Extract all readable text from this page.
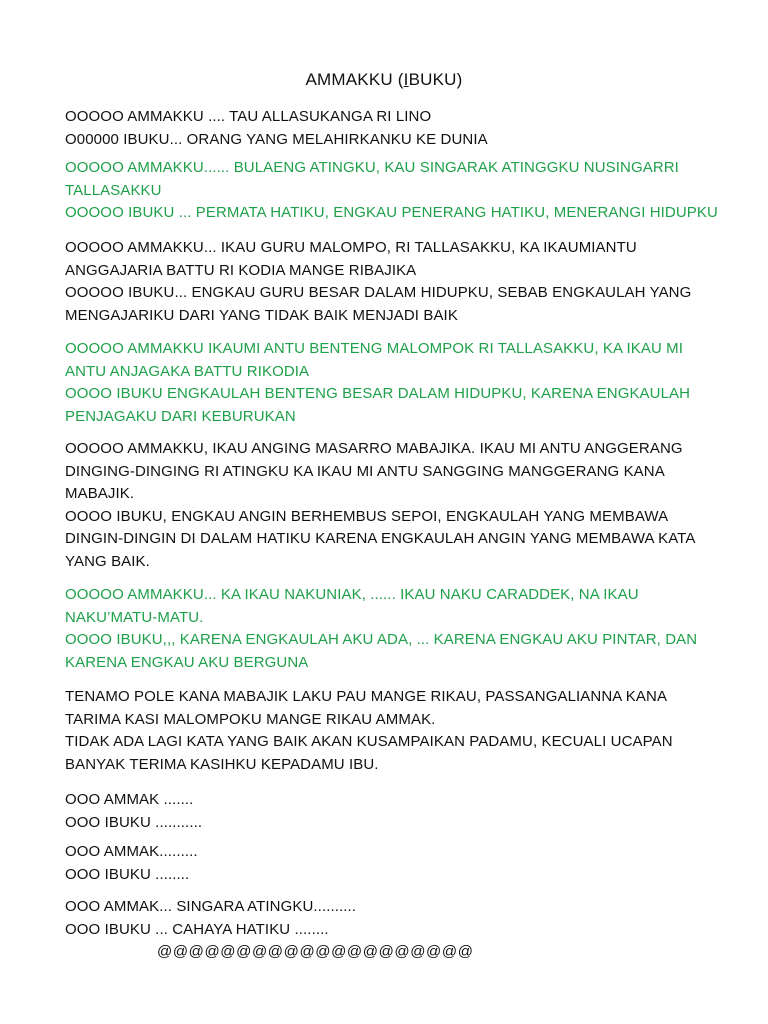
AMMAKKU (IBUKU)
OOOOO AMMAKKU .... TAU ALLASUKANGA RI LINO
O00000 IBUKU... ORANG YANG MELAHIRKANKU KE DUNIA
OOOOO AMMAKKU...... BULAENG ATINGKU, KAU SINGARAK ATINGGKU NUSINGARRI
TALLASAKKU
OOOOO IBUKU ... PERMATA HATIKU, ENGKAU PENERANG HATIKU, MENERANGI HIDUPKU
OOOOO AMMAKKU... IKAU GURU MALOMPO, RI TALLASAKKU, KA IKAUMIANTU
ANGGAJARIA BATTU RI KODIA MANGE RIBAJIKA
OOOOO IBUKU... ENGKAU GURU BESAR DALAM HIDUPKU, SEBAB ENGKAULAH YANG
MENGAJARIKU DARI YANG TIDAK BAIK MENJADI BAIK
OOOOO AMMAKKU IKAUMI ANTU BENTENG MALOMPOK RI TALLASAKKU, KA IKAU MI
ANTU ANJAGAKA BATTU RIKODIA
OOOO IBUKU ENGKAULAH BENTENG BESAR DALAM HIDUPKU, KARENA ENGKAULAH
PENJAGAKU DARI KEBURUKAN
OOOOO AMMAKKU, IKAU ANGING MASARRO MABAJIKA. IKAU MI ANTU ANGGERANG
DINGING-DINGING RI ATINGKU KA IKAU MI ANTU SANGGING MANGGERANG KANA
MABAJIK.
OOOO IBUKU, ENGKAU ANGIN BERHEMBUS SEPOI, ENGKAULAH YANG MEMBAWA
DINGIN-DINGIN DI DALAM HATIKU KARENA ENGKAULAH ANGIN YANG MEMBAWA KATA
YANG BAIK.
OOOOO AMMAKKU... KA IKAU NAKUNIAK, ...... IKAU NAKU CARADDEK, NA IKAU
NAKU’MATU-MATU.
OOOO IBUKU,,, KARENA ENGKAULAH AKU ADA, ... KARENA ENGKAU AKU PINTAR, DAN
KARENA ENGKAU AKU BERGUNA
TENAMO POLE KANA MABAJIK LAKU PAU MANGE RIKAU, PASSANGALIANNA KANA
TARIMA KASI MALOMPOKU MANGE RIKAU AMMAK.
TIDAK ADA LAGI KATA YANG BAIK AKAN KUSAMPAIKAN PADAMU, KECUALI UCAPAN
BANYAK TERIMA KASIHKU KEPADAMU IBU.
OOO AMMAK .......
OOO IBUKU ...........
OOO AMMAK.........
OOO IBUKU ........
OOO AMMAK... SINGARA ATINGKU..........
OOO IBUKU ... CAHAYA HATIKU ........
@@@@@@@@@@@@@@@@@@@@
